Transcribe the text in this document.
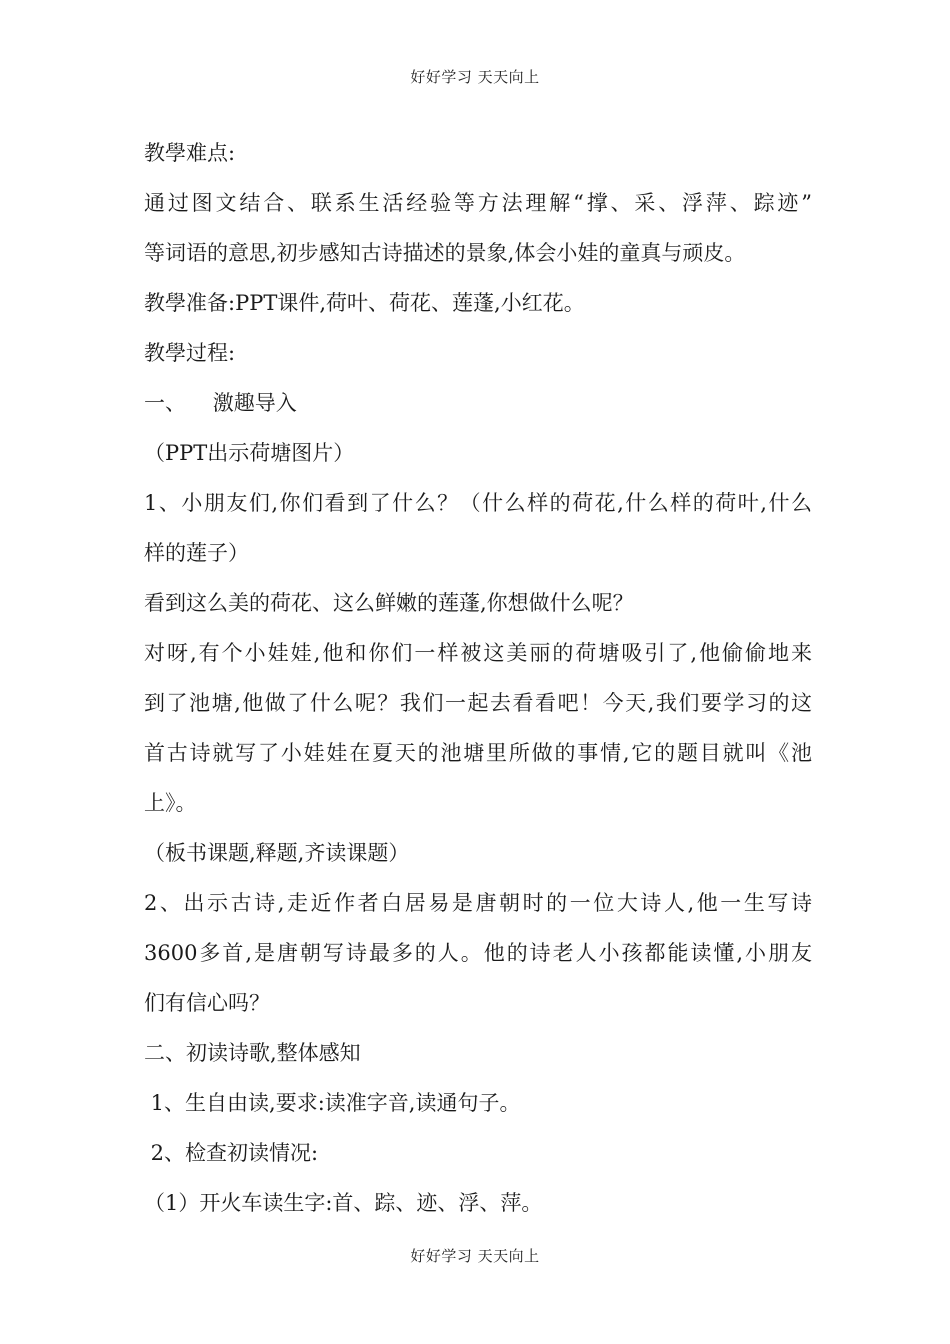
好好学习 天天向上
教學难点:
通过图文结合、联系生活经验等方法理解“撑、采、浮萍、踪迹”
等词语的意思,初步感知古诗描述的景象,体会小娃的童真与顽皮。
教學准备:PPT课件,荷叶、荷花、莲蓬,小红花。
教學过程:
一、    激趣导入
（PPT出示荷塘图片）
1、小朋友们,你们看到了什么？（什么样的荷花,什么样的荷叶,什么
样的莲子）
看到这么美的荷花、这么鲜嫩的莲蓬,你想做什么呢？
对呀,有个小娃娃,他和你们一样被这美丽的荷塘吸引了,他偷偷地来
到了池塘,他做了什么呢？我们一起去看看吧！今天,我们要学习的这
首古诗就写了小娃娃在夏天的池塘里所做的事情,它的题目就叫《池
上》。
（板书课题,释题,齐读课题）
2、出示古诗,走近作者白居易是唐朝时的一位大诗人,他一生写诗
3600多首,是唐朝写诗最多的人。他的诗老人小孩都能读懂,小朋友
们有信心吗？
二、初读诗歌,整体感知
1、生自由读,要求:读准字音,读通句子。
2、检查初读情况:
（1）开火车读生字:首、踪、迹、浮、萍。
好好学习 天天向上
